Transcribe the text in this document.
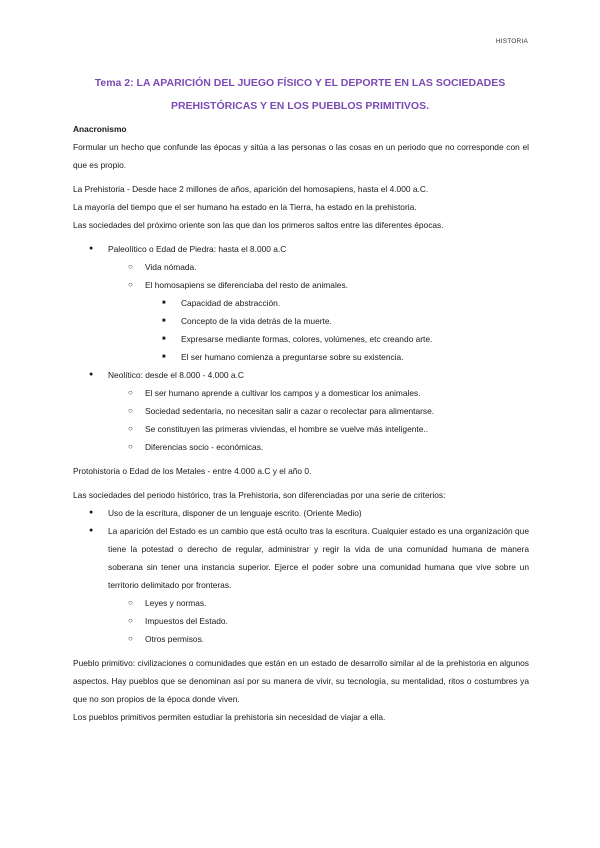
HISTORIA
Tema 2: LA APARICIÓN DEL JUEGO FÍSICO Y EL DEPORTE EN LAS SOCIEDADES PREHISTÓRICAS Y EN LOS PUEBLOS PRIMITIVOS.

Anacronismo

Formular un hecho que confunde las épocas y sitúa a las personas o las cosas en un periodo que no corresponde con el que es propio.

La Prehistoria - Desde hace 2 millones de años, aparición del homosapiens, hasta el 4.000 a.C.

La mayoría del tiempo que el ser humano ha estado en la Tierra, ha estado en la prehistoria.

Las sociedades del próximo oriente son las que dan los primeros saltos entre las diferentes épocas.

● Paleolítico o Edad de Piedra: hasta el 8.000 a.C
○ Vida nómada.
○ El homosapiens se diferenciaba del resto de animales.
■ Capacidad de abstracción.
■ Concepto de la vida detrás de la muerte.
■ Expresarse mediante formas, colores, volúmenes, etc creando arte.
■ El ser humano comienza a preguntarse sobre su existencia.
● Neolítico: desde el 8.000 - 4.000 a.C
○ El ser humano aprende a cultivar los campos y a domesticar los animales.
○ Sociedad sedentaria, no necesitan salir a cazar o recolectar para alimentarse.
○ Se constituyen las primeras viviendas, el hombre se vuelve más inteligente..
○ Diferencias socio - económicas.

Protohistoria o Edad de los Metales - entre 4.000 a.C y el año 0.

Las sociedades del periodo histórico, tras la Prehistoria, son diferenciadas por una serie de criterios:

● Uso de la escritura, disponer de un lenguaje escrito. (Oriente Medio)
● La aparición del Estado es un cambio que está oculto tras la escritura. Cualquier estado es una organización que tiene la potestad o derecho de regular, administrar y regir la vida de una comunidad humana de manera soberana sin tener una instancia superior. Ejerce el poder sobre una comunidad humana que vive sobre un territorio delimitado por fronteras.
○ Leyes y normas.
○ Impuestos del Estado.
○ Otros permisos.

Pueblo primitivo: civilizaciones o comunidades que están en un estado de desarrollo similar al de la prehistoria en algunos aspectos. Hay pueblos que se denominan así por su manera de vivir, su tecnología, su mentalidad, ritos o costumbres ya que no son propios de la época donde viven.

Los pueblos primitivos permiten estudiar la prehistoria sin necesidad de viajar a ella.
